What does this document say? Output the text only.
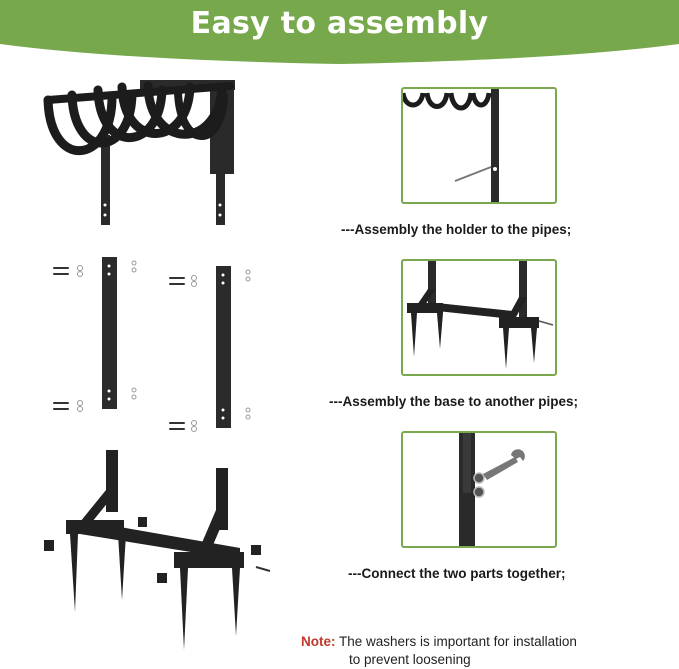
Easy to assembly
---Assembly the holder to the pipes;
---Assembly the base to another pipes;
---Connect the two parts together;
Note: The washers is important for installation
to prevent loosening
